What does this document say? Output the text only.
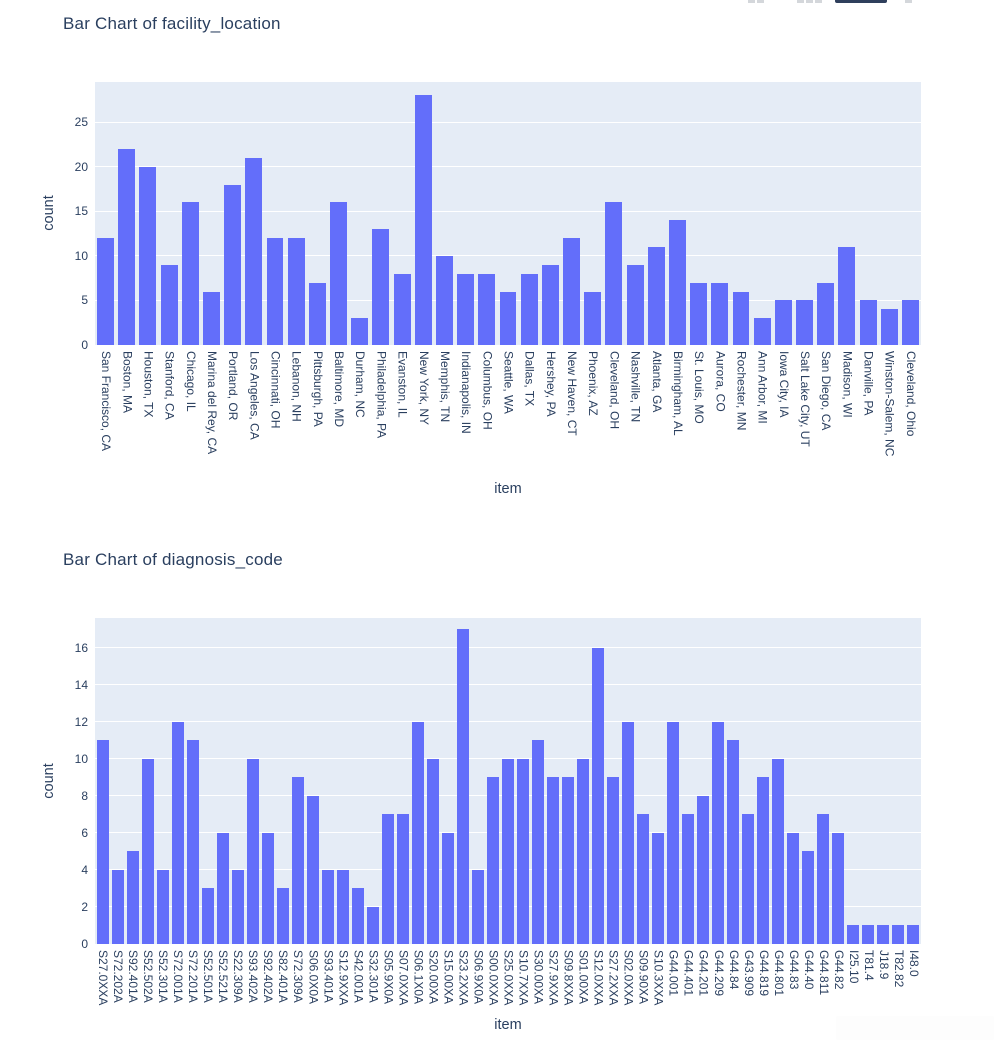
Bar Chart of facility_location
count
0
5
10
15
20
25
San Francisco, CA Boston, MA Houston, TX Stanford, CA Chicago, IL Marina del Rey, CA Portland, OR Los Angeles, CA Cincinnati, OH Lebanon, NH Pittsburgh, PA Baltimore, MD Durham, NC Philadelphia, PA Evanston, IL New York, NY Memphis, TN Indianapolis, IN Columbus, OH Seattle, WA Dallas, TX Hershey, PA New Haven, CT Phoenix, AZ Cleveland, OH Nashville, TN Atlanta, GA Birmingham, AL St. Louis, MO Aurora, CO Rochester, MN Ann Arbor, MI Iowa City, IA Salt Lake City, UT San Diego, CA Madison, WI Danville, PA Winston-Salem, NC Cleveland, Ohio
item
Bar Chart of diagnosis_code
count
0
2
4
6
8
10
12
14
16
S27.0XXA S72.202A S92.401A S52.502A S52.301A S72.001A S72.201A S52.501A S52.521A S22.309A S93.402A S92.402A S82.401A S72.309A S06.0X0A S93.401A S12.9XXA S42.001A S32.301A S05.9X0A S07.0XXA S06.1X0A S20.00XA S15.00XA S23.2XXA S06.9X0A S00.0XXA S25.0XXA S10.7XXA S30.00XA S27.9XXA S09.8XXA S01.00XA S12.0XXA S27.2XXA S02.0XXA S09.90XA S10.3XXA G44.001 G44.401 G44.201 G44.209 G44.84 G43.909 G44.819 G44.801 G44.83 G44.40 G44.811 G44.82 I25.10 T81.4 J18.9 T82.82 I48.0
item
